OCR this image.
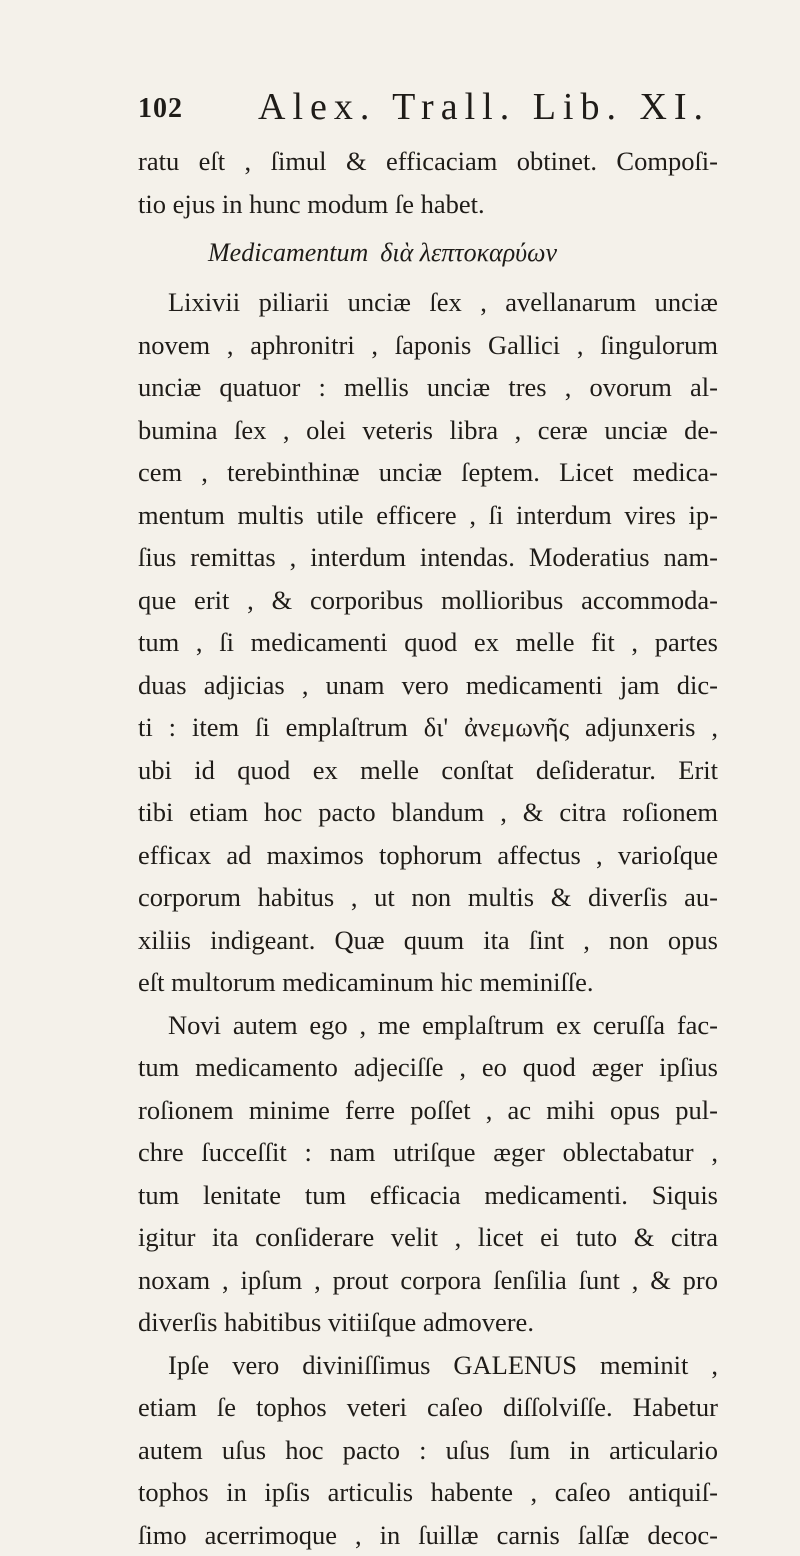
102 Alex. Trall. Lib. XI.
ratu eſt , ſimul & efficaciam obtinet. Compoſi-
tio ejus in hunc modum ſe habet.
Medicamentum διὰ λεπτοκαρύων
Lixivii piliarii unciæ ſex , avellanarum unciæ
novem , aphronitri , ſaponis Gallici , ſingulorum
unciæ quatuor : mellis unciæ tres , ovorum al-
bumina ſex , olei veteris libra , ceræ unciæ de-
cem , terebinthinæ unciæ ſeptem. Licet medica-
mentum multis utile efficere , ſi interdum vires ip-
ſius remittas , interdum intendas. Moderatius nam-
que erit , & corporibus mollioribus accommoda-
tum , ſi medicamenti quod ex melle fit , partes
duas adjicias , unam vero medicamenti jam dic-
ti : item ſi emplaſtrum δι' ἀνεμωνῆς adjunxeris ,
ubi id quod ex melle conſtat deſideratur. Erit
tibi etiam hoc pacto blandum , & citra roſionem
efficax ad maximos tophorum affectus , varioſque
corporum habitus , ut non multis & diverſis au-
xiliis indigeant. Quæ quum ita ſint , non opus
eſt multorum medicaminum hic meminiſſe.
Novi autem ego , me emplaſtrum ex ceruſſa fac-
tum medicamento adjeciſſe , eo quod æger ipſius
roſionem minime ferre poſſet , ac mihi opus pul-
chre ſucceſſit : nam utriſque æger oblectabatur ,
tum lenitate tum efficacia medicamenti. Siquis
igitur ita conſiderare velit , licet ei tuto & citra
noxam , ipſum , prout corpora ſenſilia ſunt , & pro
diverſis habitibus vitiiſque admovere.
Ipſe vero diviniſſimus GALENUS meminit ,
etiam ſe tophos veteri caſeo diſſolviſſe. Habetur
autem uſus hoc pacto : uſus ſum in articulario
tophos in ipſis articulis habente , caſeo antiquiſ-
ſimo acerrimoque , in ſuillæ carnis ſalſæ decoc-
